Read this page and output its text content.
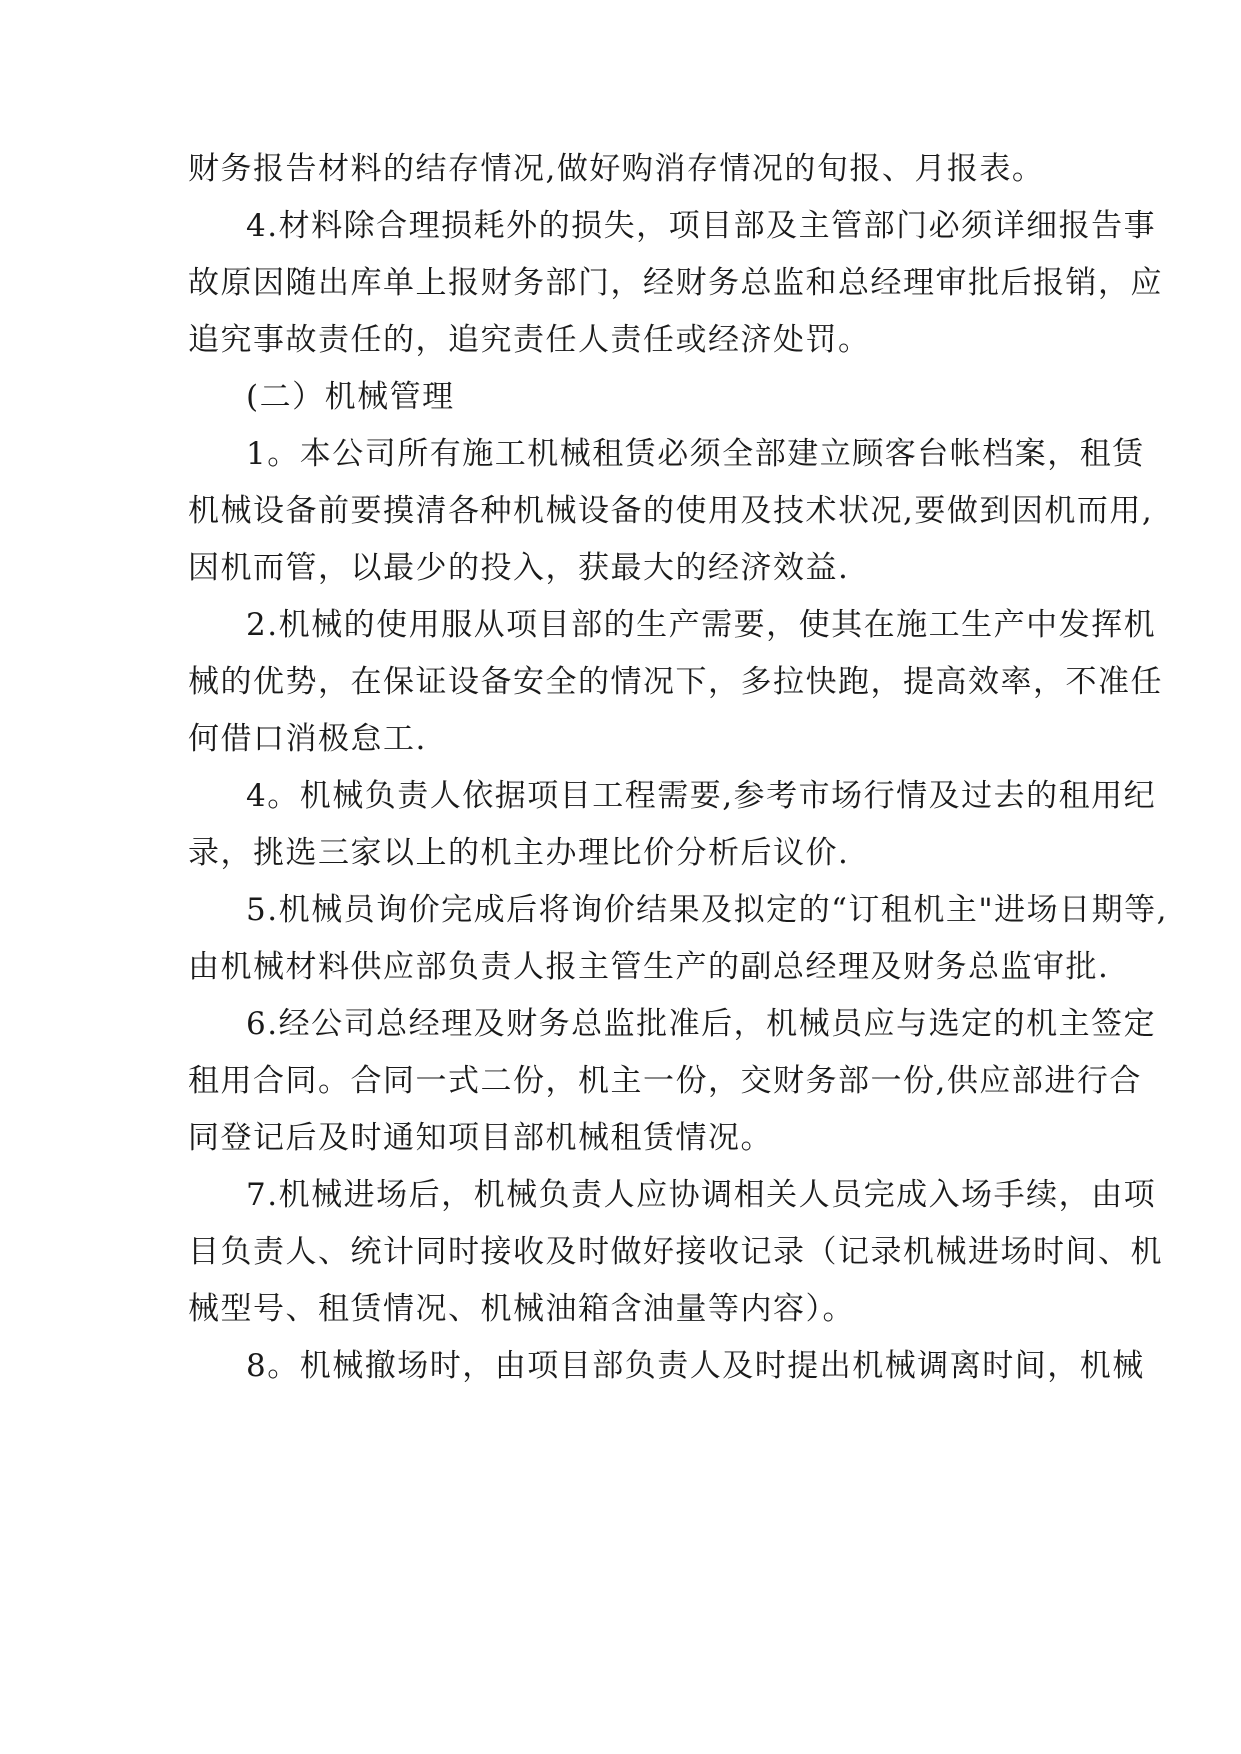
财务报告材料的结存情况,做好购消存情况的旬报、月报表。
4.材料除合理损耗外的损失，项目部及主管部门必须详细报告事
故原因随出库单上报财务部门，经财务总监和总经理审批后报销，应
追究事故责任的，追究责任人责任或经济处罚。
(二）机械管理
1。本公司所有施工机械租赁必须全部建立顾客台帐档案，租赁
机械设备前要摸清各种机械设备的使用及技术状况,要做到因机而用,
因机而管，以最少的投入，获最大的经济效益.
2.机械的使用服从项目部的生产需要，使其在施工生产中发挥机
械的优势，在保证设备安全的情况下，多拉快跑，提高效率，不准任
何借口消极怠工.
4。机械负责人依据项目工程需要,参考市场行情及过去的租用纪
录，挑选三家以上的机主办理比价分析后议价.
5.机械员询价完成后将询价结果及拟定的“订租机主"进场日期等,
由机械材料供应部负责人报主管生产的副总经理及财务总监审批.
6.经公司总经理及财务总监批准后，机械员应与选定的机主签定
租用合同。合同一式二份，机主一份，交财务部一份,供应部进行合
同登记后及时通知项目部机械租赁情况。
7.机械进场后，机械负责人应协调相关人员完成入场手续，由项
目负责人、统计同时接收及时做好接收记录（记录机械进场时间、机
械型号、租赁情况、机械油箱含油量等内容）。
8。机械撤场时，由项目部负责人及时提出机械调离时间，机械
